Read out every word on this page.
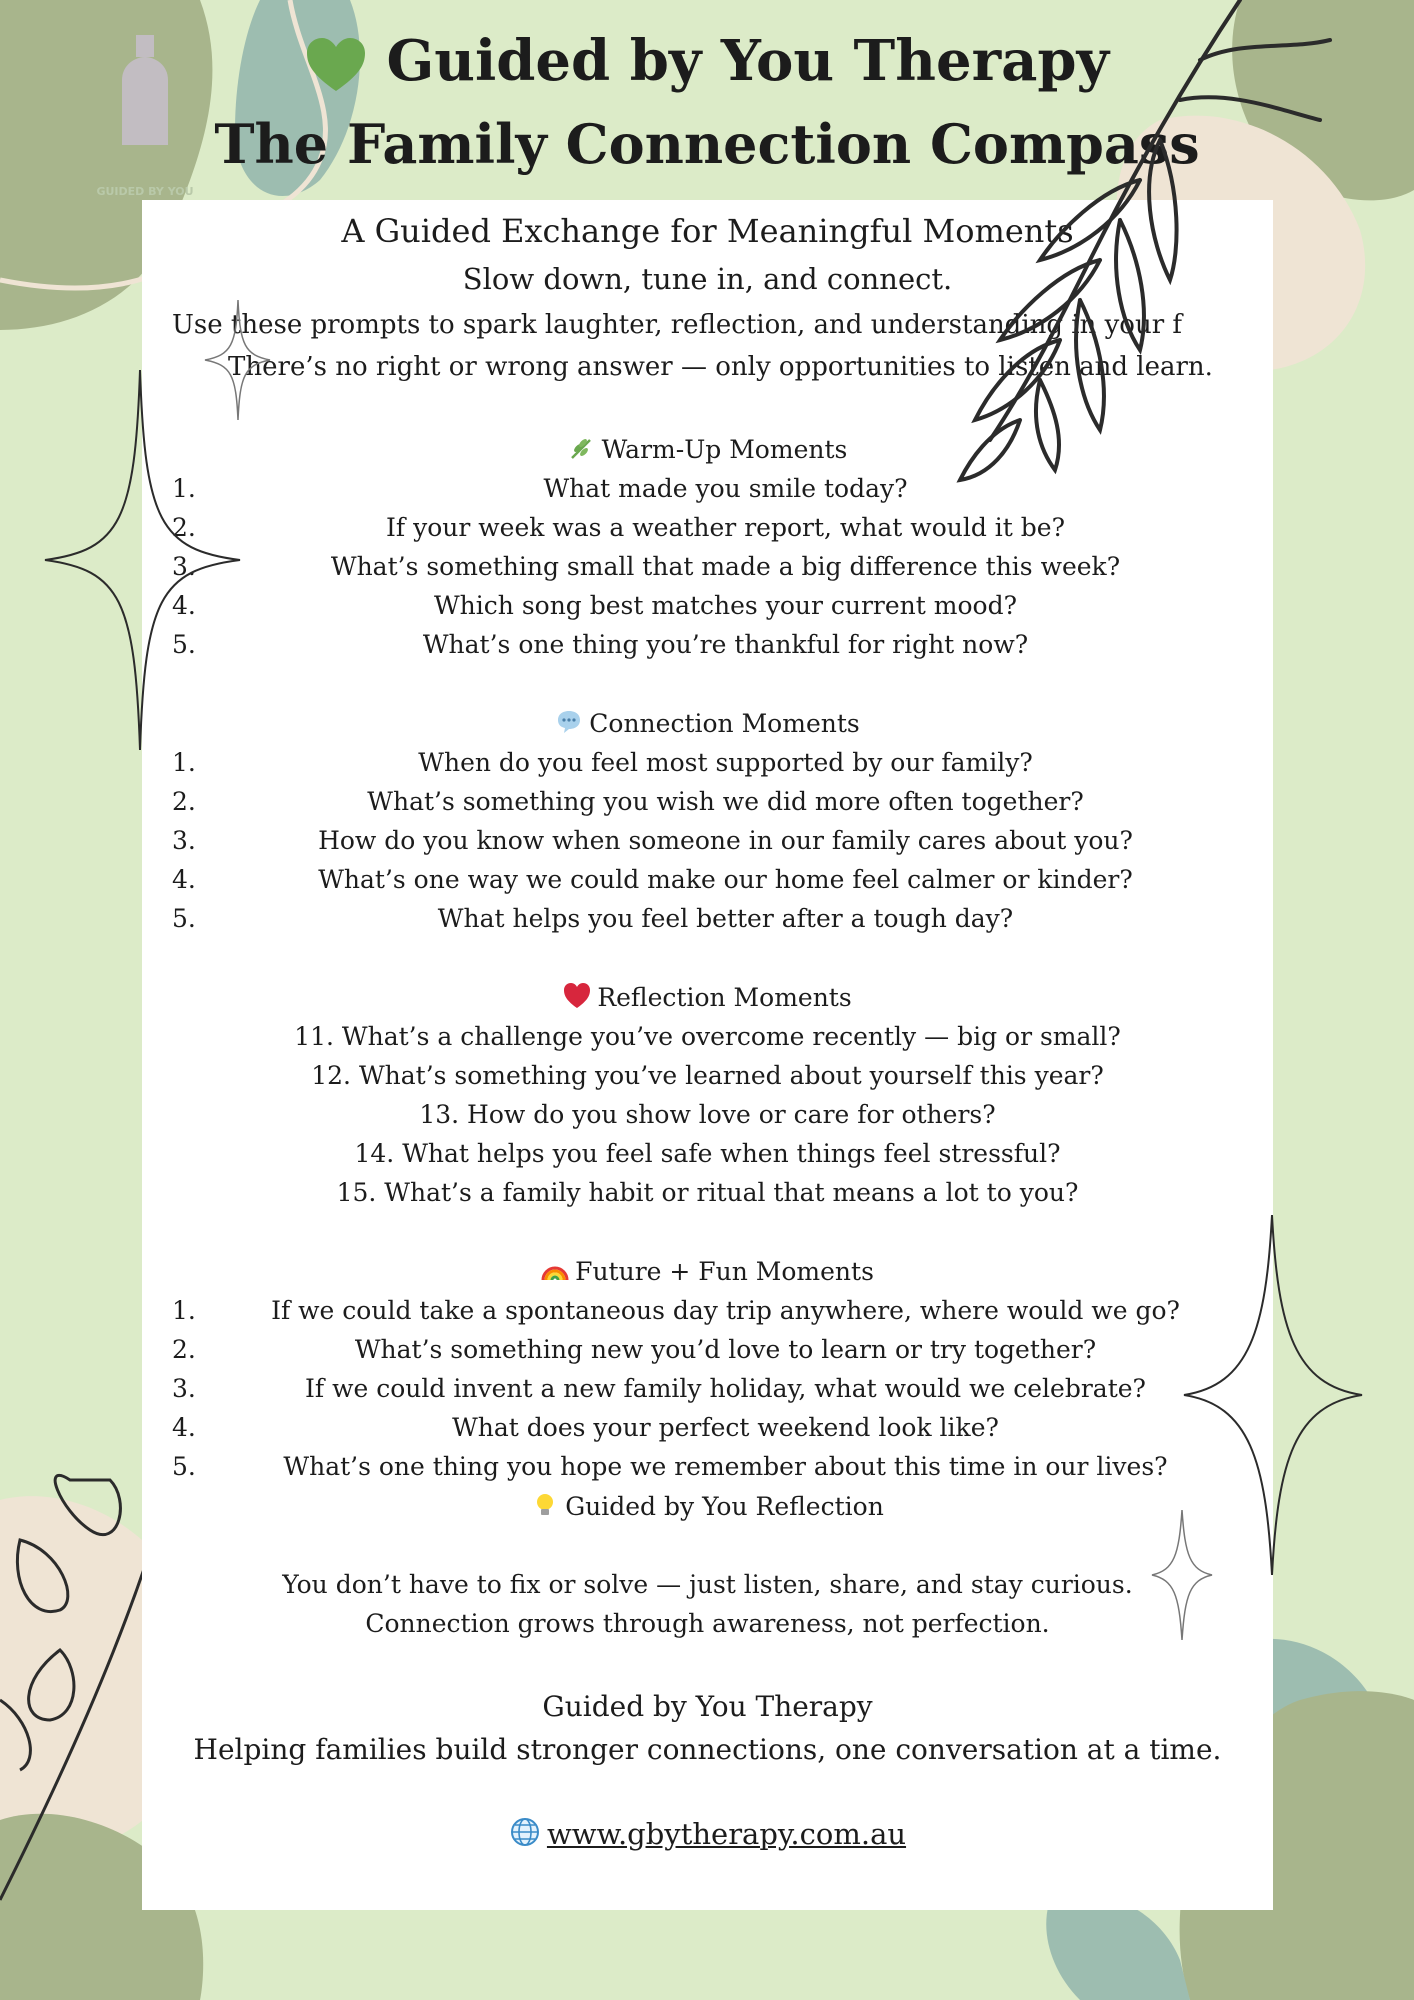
GUIDED BY YOU
Guided by You Therapy
The Family Connection Compass
A Guided Exchange for Meaningful Moments
Slow down, tune in, and connect.
Use these prompts to spark laughter, reflection, and understanding in your f
There’s no right or wrong answer — only opportunities to listen and learn.
Warm-Up Moments
1.	What made you smile today?
2.	If your week was a weather report, what would it be?
3.	What’s something small that made a big difference this week?
4.	Which song best matches your current mood?
5.	What’s one thing you’re thankful for right now?
Connection Moments
1.	When do you feel most supported by our family?
2.	What’s something you wish we did more often together?
3.	How do you know when someone in our family cares about you?
4.	What’s one way we could make our home feel calmer or kinder?
5.	What helps you feel better after a tough day?
Reflection Moments
11. What’s a challenge you’ve overcome recently — big or small?
12. What’s something you’ve learned about yourself this year?
13. How do you show love or care for others?
14. What helps you feel safe when things feel stressful?
15. What’s a family habit or ritual that means a lot to you?
Future + Fun Moments
1.	If we could take a spontaneous day trip anywhere, where would we go?
2.	What’s something new you’d love to learn or try together?
3.	If we could invent a new family holiday, what would we celebrate?
4.	What does your perfect weekend look like?
5.	What’s one thing you hope we remember about this time in our lives?
Guided by You Reflection
You don’t have to fix or solve — just listen, share, and stay curious.
Connection grows through awareness, not perfection.
Guided by You Therapy
Helping families build stronger connections, one conversation at a time.
www.gbytherapy.com.au
